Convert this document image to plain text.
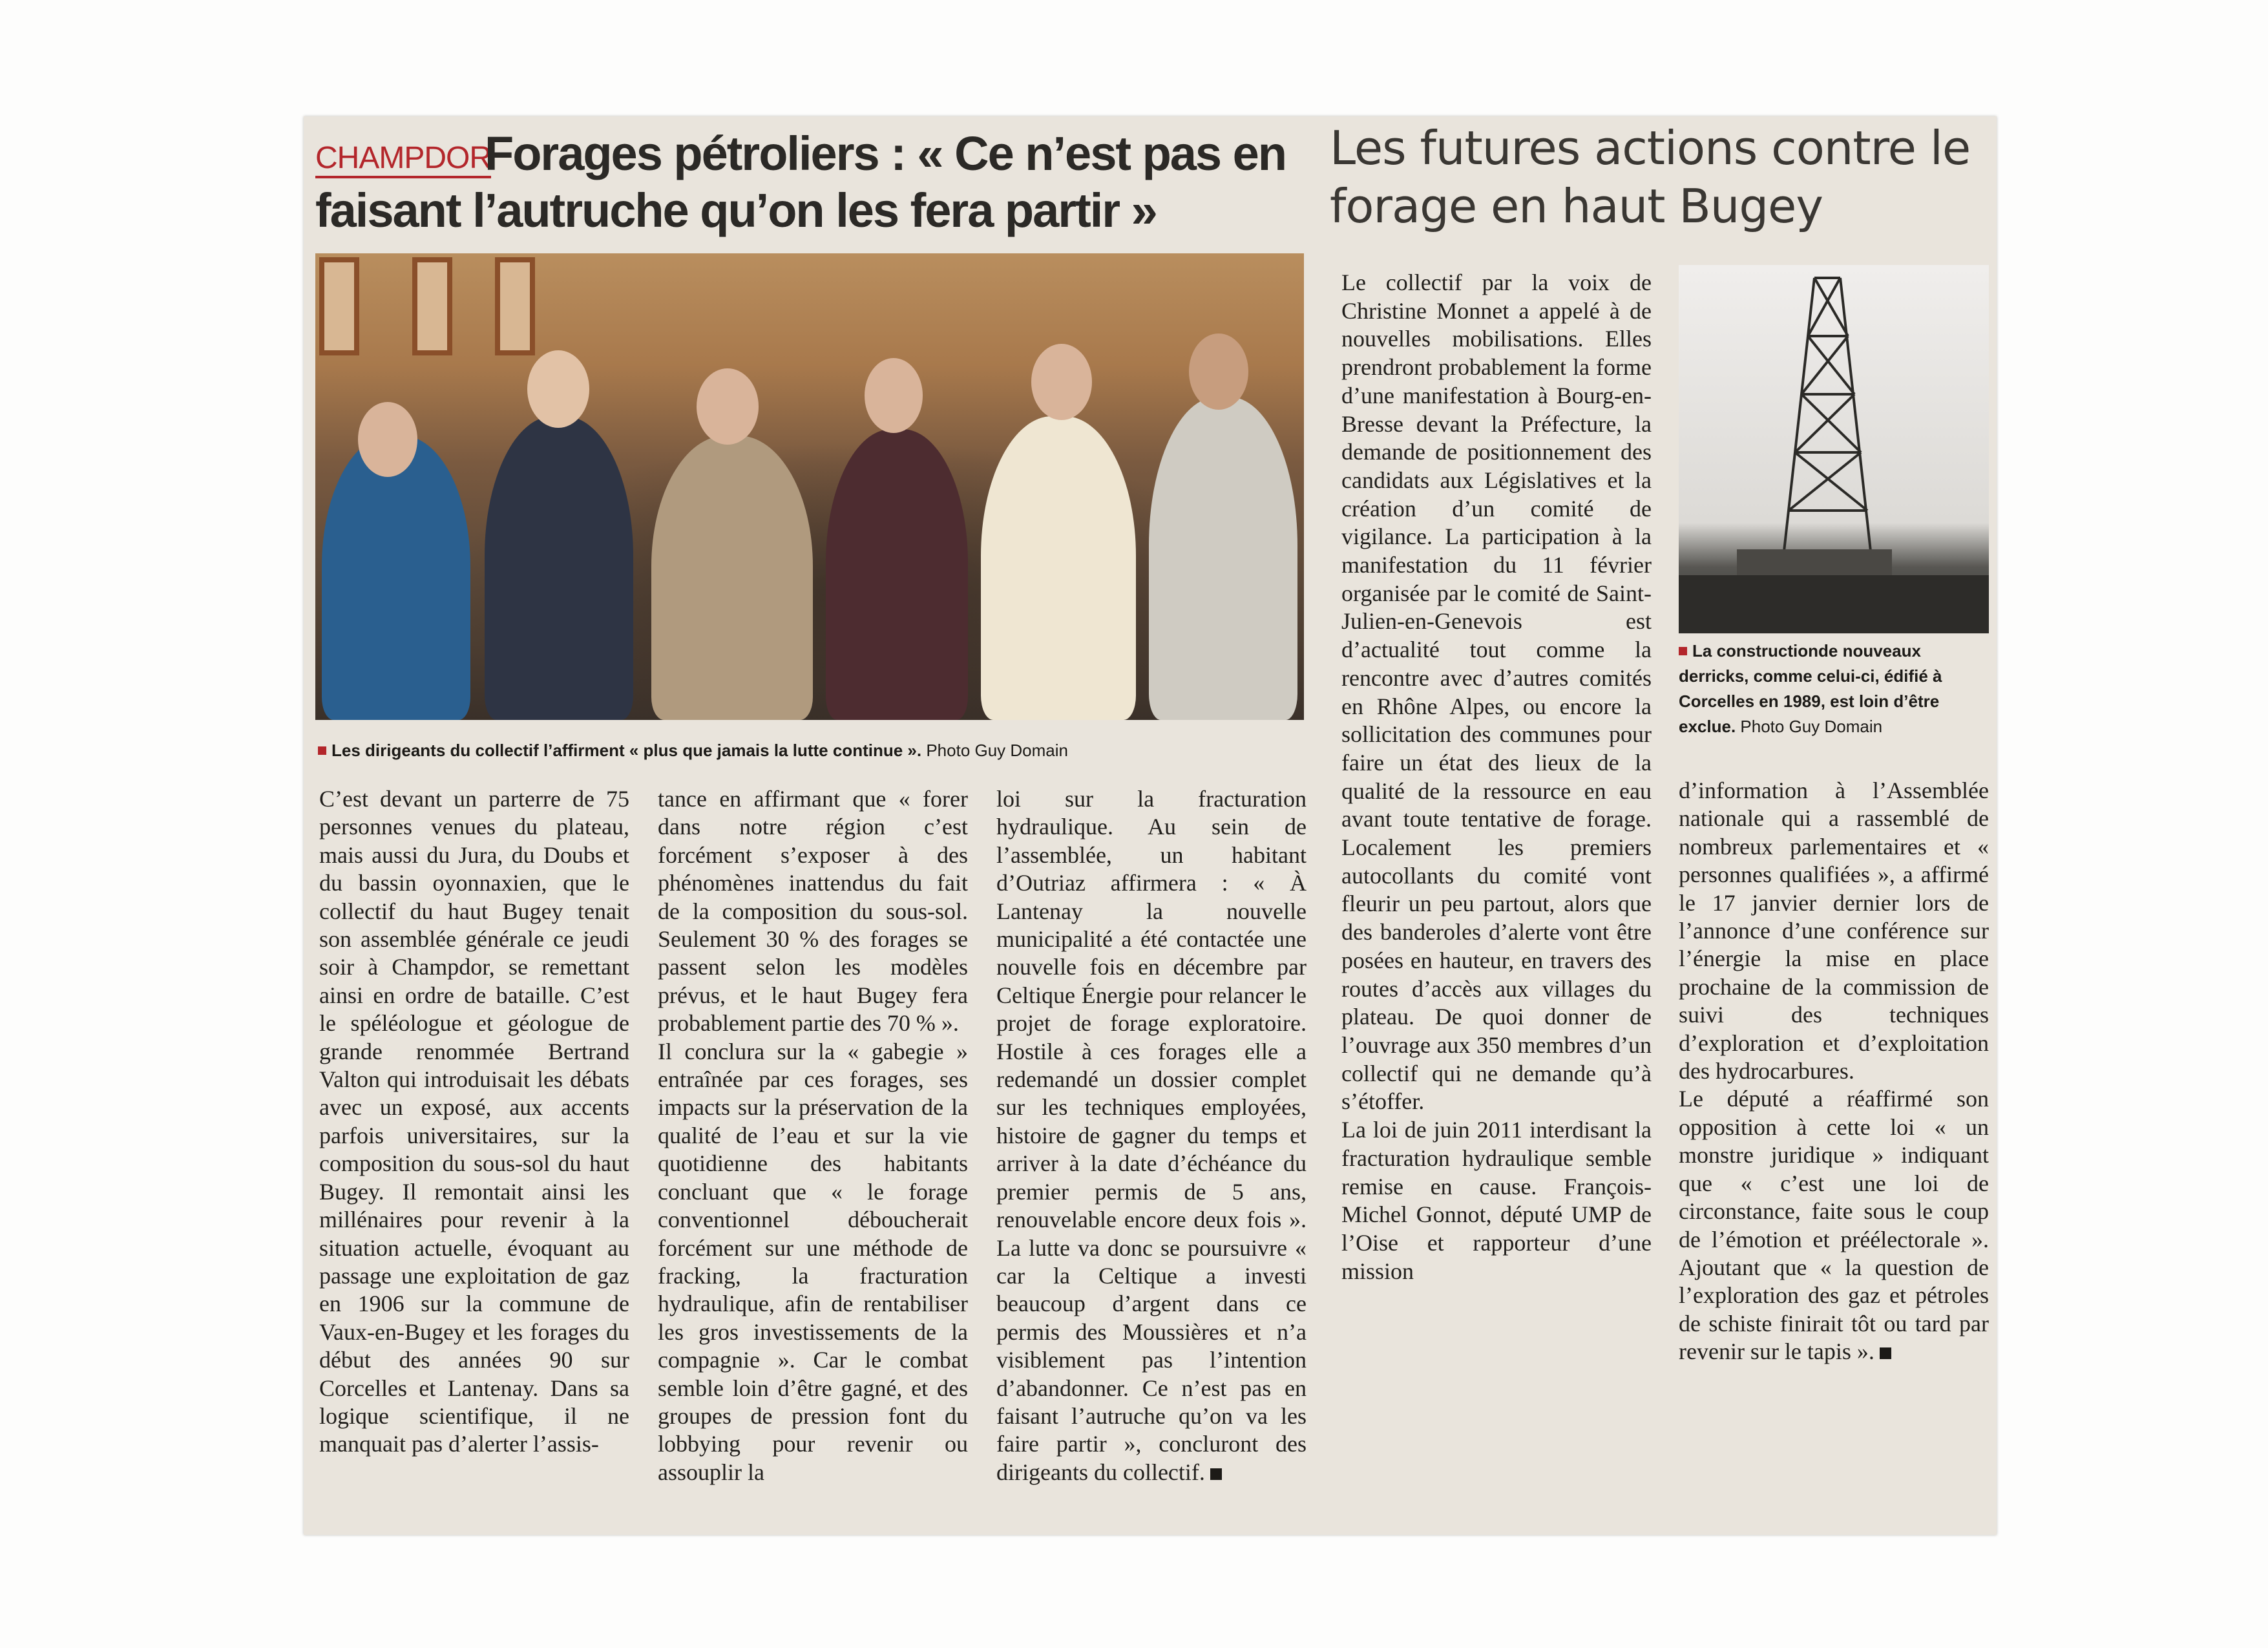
CHAMPDOR
Forages pétroliers : « Ce n’est pas en faisant l’autruche qu’on les fera partir »
Les futures actions contre le forage en haut Bugey
Les dirigeants du collectif l’affirment « plus que jamais la lutte continue ». Photo Guy Domain
La constructionde nouveaux derricks, comme celui-ci, édifié à Corcelles en 1989, est loin d’être exclue. Photo Guy Domain

C’est devant un parterre de 75 personnes venues du plateau, mais aussi du Jura, du Doubs et du bassin oyonnaxien, que le collectif du haut Bugey tenait son assemblée générale ce jeudi soir à Champdor, se remettant ainsi en ordre de bataille. C’est le spéléologue et géologue de grande renommée Bertrand Valton qui introduisait les débats avec un exposé, aux accents parfois universitaires, sur la composition du sous-sol du haut Bugey. Il remontait ainsi les millénaires pour revenir à la situation actuelle, évoquant au passage une exploitation de gaz en 1906 sur la commune de Vaux-en-Bugey et les forages du début des années 90 sur Corcelles et Lantenay. Dans sa logique scientifique, il ne manquait pas d’alerter l’assis-

tance en affirmant que « forer dans notre région c’est forcément s’exposer à des phénomènes inattendus du fait de la composition du sous-sol. Seulement 30 % des forages se passent selon les modèles prévus, et le haut Bugey fera probablement partie des 70 % ».

Il conclura sur la « gabegie » entraînée par ces forages, ses impacts sur la préservation de la qualité de l’eau et sur la vie quotidienne des habitants concluant que « le forage conventionnel déboucherait forcément sur une méthode de fracking, la fracturation hydraulique, afin de rentabiliser les gros investissements de la compagnie ». Car le combat semble loin d’être gagné, et des groupes de pression font du lobbying pour revenir ou assouplir la

loi sur la fracturation hydraulique. Au sein de l’assemblée, un habitant d’Outriaz affirmera : « À Lantenay la nouvelle municipalité a été contactée une nouvelle fois en décembre par Celtique Énergie pour relancer le projet de forage exploratoire. Hostile à ces forages elle a redemandé un dossier complet sur les techniques employées, histoire de gagner du temps et arriver à la date d’échéance du premier permis de 5 ans, renouvelable encore deux fois ». La lutte va donc se poursuivre « car la Celtique a investi beaucoup d’argent dans ce permis des Moussières et n’a visiblement pas l’intention d’abandonner. Ce n’est pas en faisant l’autruche qu’on va les faire partir », concluront des dirigeants du collectif.

Le collectif par la voix de Christine Monnet a appelé à de nouvelles mobilisations. Elles prendront probablement la forme d’une manifestation à Bourg-en-Bresse devant la Préfecture, la demande de positionnement des candidats aux Législatives et la création d’un comité de vigilance. La participation à la manifestation du 11 février organisée par le comité de Saint-Julien-en-Genevois est d’actualité tout comme la rencontre avec d’autres comités en Rhône Alpes, ou encore la sollicitation des communes pour faire un état des lieux de la qualité de la ressource en eau avant toute tentative de forage. Localement les premiers autocollants du comité vont fleurir un peu partout, alors que des banderoles d’alerte vont être posées en hauteur, en travers des routes d’accès aux villages du plateau. De quoi donner de l’ouvrage aux 350 membres d’un collectif qui ne demande qu’à s’étoffer.

La loi de juin 2011 interdisant la fracturation hydraulique semble remise en cause. François-Michel Gonnot, député UMP de l’Oise et rapporteur d’une mission

d’information à l’Assemblée nationale qui a rassemblé de nombreux parlementaires et « personnes qualifiées », a affirmé le 17 janvier dernier lors de l’annonce d’une conférence sur l’énergie la mise en place prochaine de la commission de suivi des techniques d’exploration et d’exploitation des hydrocarbures.

Le député a réaffirmé son opposition à cette loi « un monstre juridique » indiquant que « c’est une loi de circonstance, faite sous le coup de l’émotion et préélectorale ». Ajoutant que « la question de l’exploration des gaz et pétroles de schiste finirait tôt ou tard par revenir sur le tapis ».
